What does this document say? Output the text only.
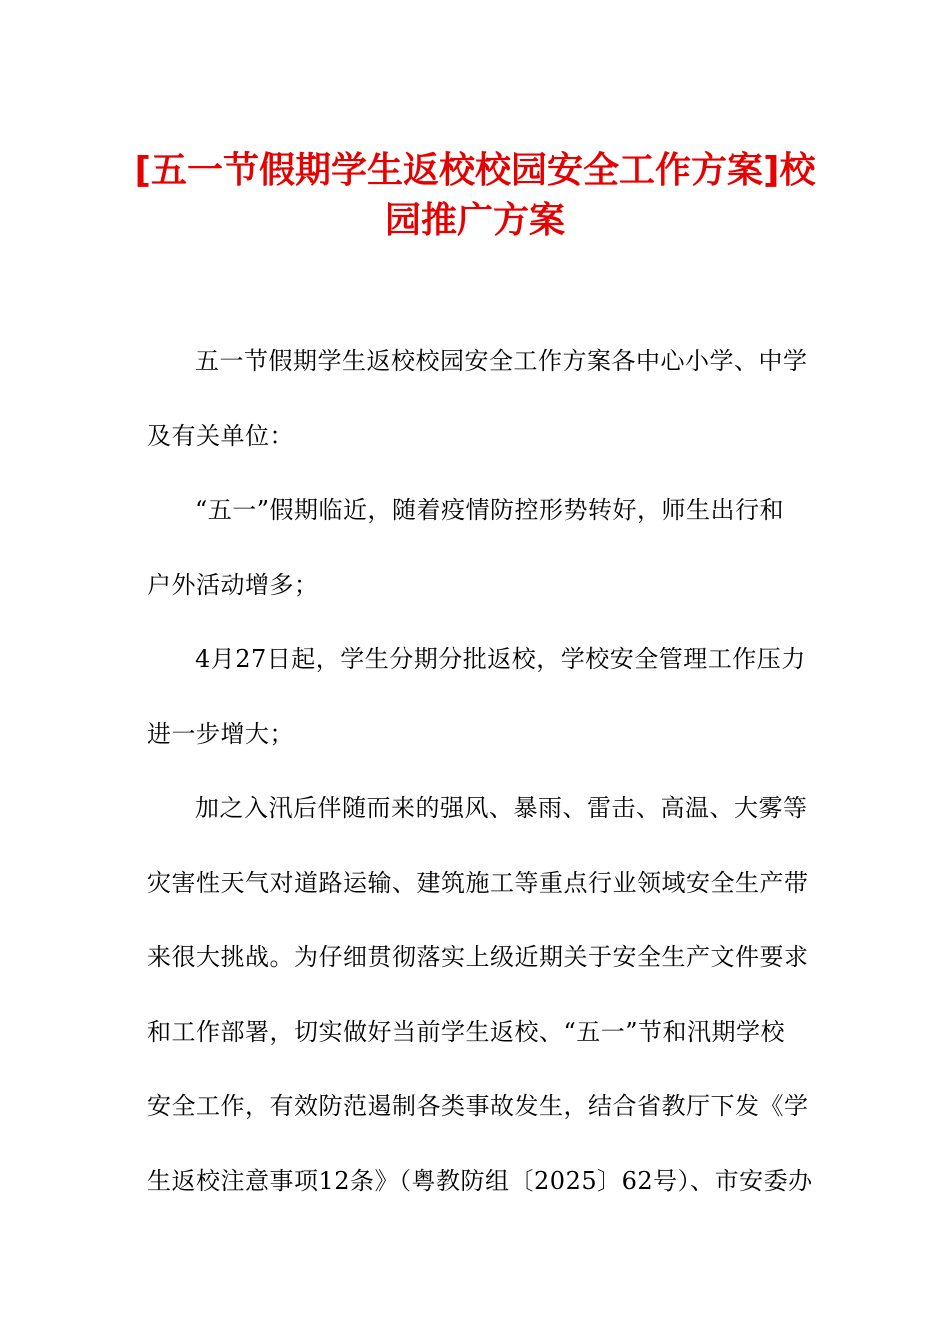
[五一节假期学生返校校园安全工作方案]校
园推广方案
五一节假期学生返校校园安全工作方案各中心小学、中学
及有关单位：
“五一”假期临近，随着疫情防控形势转好，师生出行和
户外活动增多；
4月27日起，学生分期分批返校，学校安全管理工作压力
进一步增大；
加之入汛后伴随而来的强风、暴雨、雷击、高温、大雾等
灾害性天气对道路运输、建筑施工等重点行业领域安全生产带
来很大挑战。为仔细贯彻落实上级近期关于安全生产文件要求
和工作部署，切实做好当前学生返校、“五一”节和汛期学校
安全工作，有效防范遏制各类事故发生，结合省教厅下发《学
生返校注意事项12条》（粤教防组〔2025〕62号）、市安委办
